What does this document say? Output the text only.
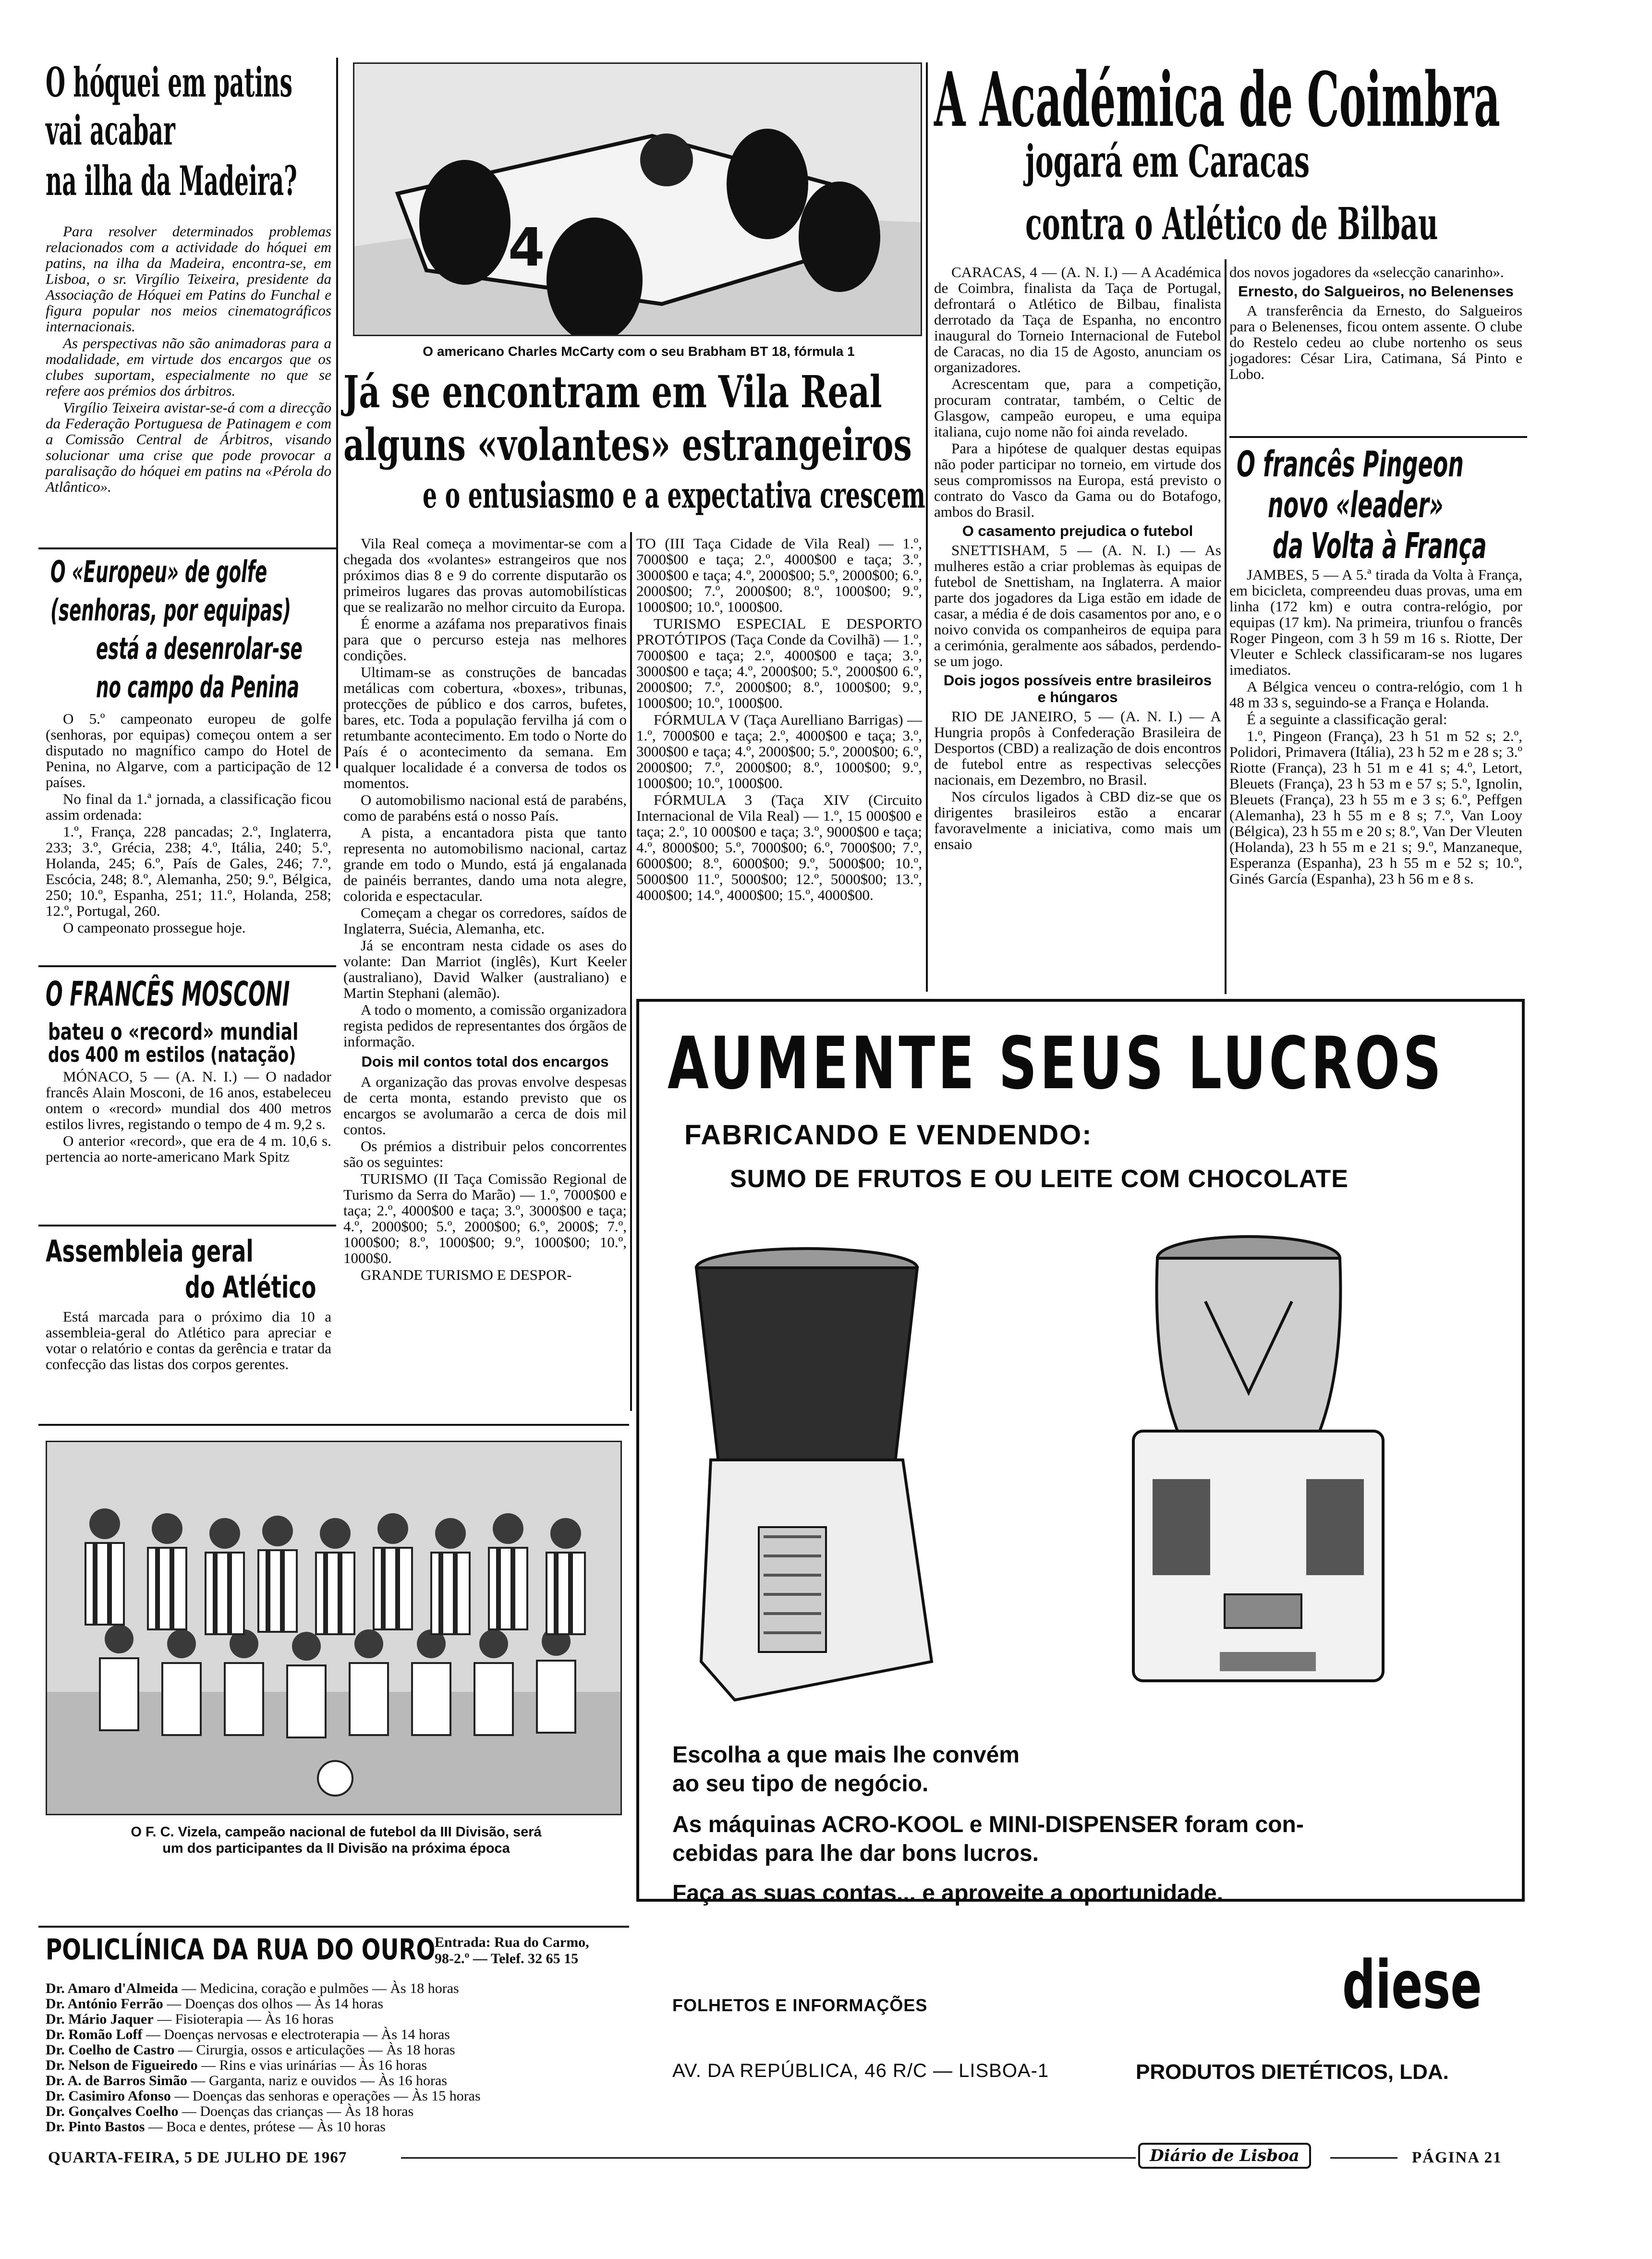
O hóquei em patins
vai acabar
na ilha da Madeira?

Para resolver determinados problemas relacionados com a actividade do hóquei em patins, na ilha da Madeira, encontra-se, em Lisboa, o sr. Virgílio Teixeira, presidente da Associação de Hóquei em Patins do Funchal e figura popular nos meios cinematográficos internacionais.

As perspectivas não são animadoras para a modalidade, em virtude dos encargos que os clubes suportam, especialmente no que se refere aos prémios dos árbitros.

Virgílio Teixeira avistar-se-á com a direcção da Federação Portuguesa de Patinagem e com a Comissão Central de Árbitros, visando solucionar uma crise que pode provocar a paralisação do hóquei em patins na «Pérola do Atlântico».

O «Europeu» de golfe
(senhoras, por equipas)
está a desenrolar-se
no campo da Penina

O 5.º campeonato europeu de golfe (senhoras, por equipas) começou ontem a ser disputado no magnífico campo do Hotel de Penina, no Algarve, com a participação de 12 países.

No final da 1.ª jornada, a classificação ficou assim ordenada:

1.º, França, 228 pancadas; 2.º, Inglaterra, 233; 3.º, Grécia, 238; 4.º, Itália, 240; 5.º, Holanda, 245; 6.º, País de Gales, 246; 7.º, Escócia, 248; 8.º, Alemanha, 250; 9.º, Bélgica, 250; 10.º, Espanha, 251; 11.º, Holanda, 258; 12.º, Portugal, 260.

O campeonato prossegue hoje.

O FRANCÊS MOSCONI
bateu o «record» mundial
dos 400 m estilos (natação)

MÓNACO, 5 — (A. N. I.) — O nadador francês Alain Mosconi, de 16 anos, estabeleceu ontem o «record» mundial dos 400 metros estilos livres, registando o tempo de 4 m. 9,2 s.

O anterior «record», que era de 4 m. 10,6 s. pertencia ao norte-americano Mark Spitz

Assembleia geral
do Atlético

Está marcada para o próximo dia 10 a assembleia-geral do Atlético para apreciar e votar o relatório e contas da gerência e tratar da confecção das listas dos corpos gerentes.

4
O americano Charles McCarty com o seu Brabham BT 18, fórmula 1
Já se encontram em Vila Real
alguns «volantes» estrangeiros
e o entusiasmo e a expectativa crescem

Vila Real começa a movimentar-se com a chegada dos «volantes» estrangeiros que nos próximos dias 8 e 9 do corrente disputarão os primeiros lugares das provas automobilísticas que se realizarão no melhor circuito da Europa.

É enorme a azáfama nos preparativos finais para que o percurso esteja nas melhores condições.

Ultimam-se as construções de bancadas metálicas com cobertura, «boxes», tribunas, protecções de público e dos carros, bufetes, bares, etc. Toda a população fervilha já com o retumbante acontecimento. Em todo o Norte do País é o acontecimento da semana. Em qualquer localidade é a conversa de todos os momentos.

O automobilismo nacional está de parabéns, como de parabéns está o nosso País.

A pista, a encantadora pista que tanto representa no automobilismo nacional, cartaz grande em todo o Mundo, está já engalanada de painéis berrantes, dando uma nota alegre, colorida e espectacular.

Começam a chegar os corredores, saídos de Inglaterra, Suécia, Alemanha, etc.

Já se encontram nesta cidade os ases do volante: Dan Marriot (inglês), Kurt Keeler (australiano), David Walker (australiano) e Martin Stephani (alemão).

A todo o momento, a comissão organizadora regista pedidos de representantes dos órgãos de informação.

Dois mil contos total dos encargos

A organização das provas envolve despesas de certa monta, estando previsto que os encargos se avolumarão a cerca de dois mil contos.

Os prémios a distribuir pelos concorrentes são os seguintes:

TURISMO (II Taça Comissão Regional de Turismo da Serra do Marão) — 1.º, 7000$00 e taça; 2.º, 4000$00 e taça; 3.º, 3000$00 e taça; 4.º, 2000$00; 5.º, 2000$00; 6.º, 2000$; 7.º, 1000$00; 8.º, 1000$00; 9.º, 1000$00; 10.º, 1000$0.

GRANDE TURISMO E DESPOR-

TO (III Taça Cidade de Vila Real) — 1.º, 7000$00 e taça; 2.º, 4000$00 e taça; 3.º, 3000$00 e taça; 4.º, 2000$00; 5.º, 2000$00; 6.º, 2000$00; 7.º, 2000$00; 8.º, 1000$00; 9.º, 1000$00; 10.º, 1000$00.

TURISMO ESPECIAL E DESPORTO PROTÓTIPOS (Taça Conde da Covilhã) — 1.º, 7000$00 e taça; 2.º, 4000$00 e taça; 3.º, 3000$00 e taça; 4.º, 2000$00; 5.º, 2000$00 6.º, 2000$00; 7.º, 2000$00; 8.º, 1000$00; 9.º, 1000$00; 10.º, 1000$00.

FÓRMULA V (Taça Aurelliano Barrigas) — 1.º, 7000$00 e taça; 2.º, 4000$00 e taça; 3.º, 3000$00 e taça; 4.º, 2000$00; 5.º, 2000$00; 6.º, 2000$00; 7.º, 2000$00; 8.º, 1000$00; 9.º, 1000$00; 10.º, 1000$00.

FÓRMULA 3 (Taça XIV (Circuito Internacional de Vila Real) — 1.º, 15 000$00 e taça; 2.º, 10 000$00 e taça; 3.º, 9000$00 e taça; 4.º, 8000$00; 5.º, 7000$00; 6.º, 7000$00; 7.º, 6000$00; 8.º, 6000$00; 9.º, 5000$00; 10.º, 5000$00 11.º, 5000$00; 12.º, 5000$00; 13.º, 4000$00; 14.º, 4000$00; 15.º, 4000$00.

A Académica de Coimbra
jogará em Caracas
contra o Atlético de Bilbau

CARACAS, 4 — (A. N. I.) — A Académica de Coimbra, finalista da Taça de Portugal, defrontará o Atlético de Bilbau, finalista derrotado da Taça de Espanha, no encontro inaugural do Torneio Internacional de Futebol de Caracas, no dia 15 de Agosto, anunciam os organizadores.

Acrescentam que, para a competição, procuram contratar, também, o Celtic de Glasgow, campeão europeu, e uma equipa italiana, cujo nome não foi ainda revelado.

Para a hipótese de qualquer destas equipas não poder participar no torneio, em virtude dos seus compromissos na Europa, está previsto o contrato do Vasco da Gama ou do Botafogo, ambos do Brasil.

O casamento prejudica o futebol

SNETTISHAM, 5 — (A. N. I.) — As mulheres estão a criar problemas às equipas de futebol de Snettisham, na Inglaterra. A maior parte dos jogadores da Liga estão em idade de casar, a média é de dois casamentos por ano, e o noivo convida os companheiros de equipa para a cerimónia, geralmente aos sábados, perdendo-se um jogo.

Dois jogos possíveis entre brasileiros e húngaros

RIO DE JANEIRO, 5 — (A. N. I.) — A Hungria propôs à Confederação Brasileira de Desportos (CBD) a realização de dois encontros de futebol entre as respectivas selecções nacionais, em Dezembro, no Brasil.

Nos círculos ligados à CBD diz-se que os dirigentes brasileiros estão a encarar favoravelmente a iniciativa, como mais um ensaio

dos novos jogadores da «selecção canarinho».

Ernesto, do Salgueiros, no Belenenses

A transferência da Ernesto, do Salgueiros para o Belenenses, ficou ontem assente. O clube do Restelo cedeu ao clube nortenho os seus jogadores: César Lira, Catimana, Sá Pinto e Lobo.

O francês Pingeon
novo «leader»
da Volta à França

JAMBES, 5 — A 5.ª tirada da Volta à França, em bicicleta, compreendeu duas provas, uma em linha (172 km) e outra contra-relógio, por equipas (17 km). Na primeira, triunfou o francês Roger Pingeon, com 3 h 59 m 16 s. Riotte, Der Vleuter e Schleck classificaram-se nos lugares imediatos.

A Bélgica venceu o contra-relógio, com 1 h 48 m 33 s, seguindo-se a França e Holanda.

É a seguinte a classificação geral:

1.º, Pingeon (França), 23 h 51 m 52 s; 2.º, Polidori, Primavera (Itália), 23 h 52 m e 28 s; 3.º Riotte (França), 23 h 51 m e 41 s; 4.º, Letort, Bleuets (França), 23 h 53 m e 57 s; 5.º, Ignolin, Bleuets (França), 23 h 55 m e 3 s; 6.º, Peffgen (Alemanha), 23 h 55 m e 8 s; 7.º, Van Looy (Bélgica), 23 h 55 m e 20 s; 8.º, Van Der Vleuten (Holanda), 23 h 55 m e 21 s; 9.º, Manzaneque, Esperanza (Espanha), 23 h 55 m e 52 s; 10.º, Ginés García (Espanha), 23 h 56 m e 8 s.

AUMENTE SEUS LUCROS
FABRICANDO E VENDENDO:
SUMO DE FRUTOS E OU LEITE COM CHOCOLATE
Escolha a que mais lhe convém
ao seu tipo de negócio.
As máquinas ACRO-KOOL e MINI-DISPENSER foram con-
cebidas para lhe dar bons lucros.
Faça as suas contas... e aproveite a oportunidade.
FOLHETOS E INFORMAÇÕES	diese
AV. DA REPÚBLICA, 46 R/C — LISBOA-1	PRODUTOS DIETÉTICOS, LDA.
O F. C. Vizela, campeão nacional de futebol da III Divisão, será
um dos participantes da II Divisão na próxima época
POLICLÍNICA DA RUA DO OURO
Entrada: Rua do Carmo,
98-2.º — Telef. 32 65 15
Dr. Amaro d'Almeida — Medicina, coração e pulmões — Às 18 horas
Dr. António Ferrão — Doenças dos olhos — Às 14 horas
Dr. Mário Jaquer — Fisioterapia — Às 16 horas
Dr. Romão Loff — Doenças nervosas e electroterapia — Às 14 horas
Dr. Coelho de Castro — Cirurgia, ossos e articulações — Às 18 horas
Dr. Nelson de Figueiredo — Rins e vias urinárias — Às 16 horas
Dr. A. de Barros Simão — Garganta, nariz e ouvidos — Às 16 horas
Dr. Casimiro Afonso — Doenças das senhoras e operações — Às 15 horas
Dr. Gonçalves Coelho — Doenças das crianças — Às 18 horas
Dr. Pinto Bastos — Boca e dentes, prótese — Às 10 horas
QUARTA-FEIRA, 5 DE JULHO DE 1967	Diário de Lisboa	PÁGINA 21
